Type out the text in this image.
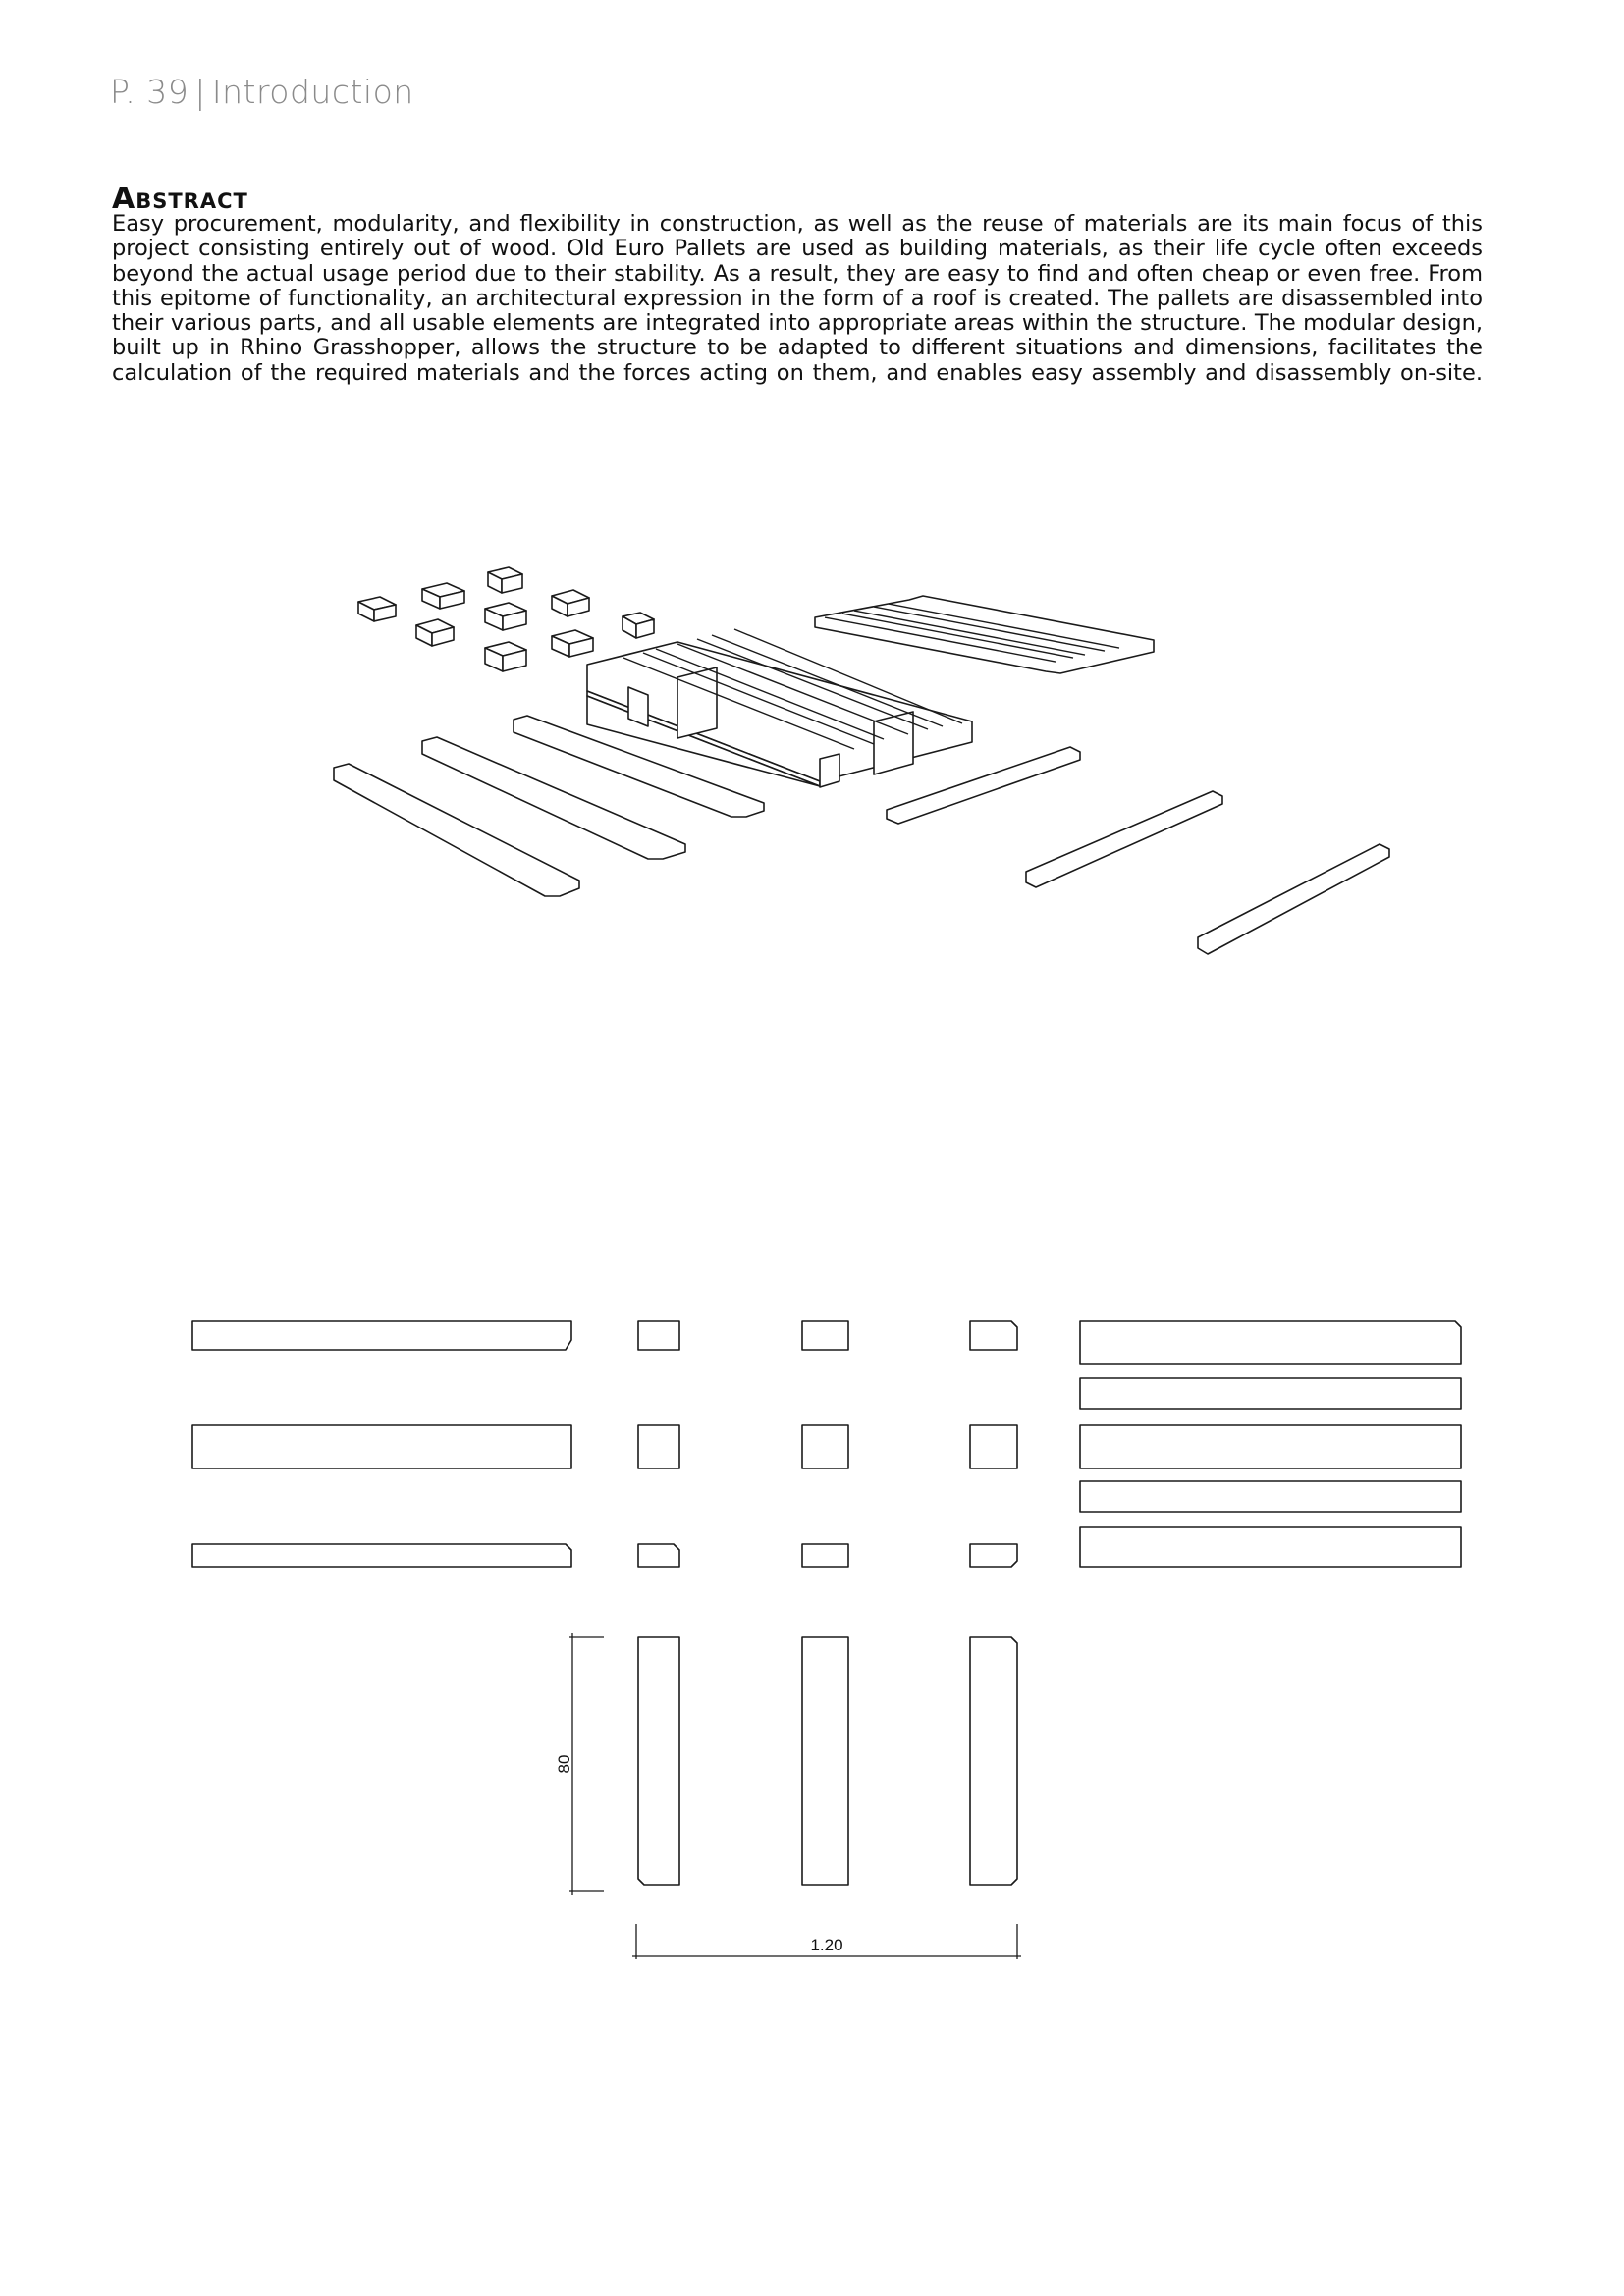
P. 39 | Introduction
Abstract
Easy procurement, modularity, and flexibility in construction, as well as the reuse of materials are its main focus of this project consisting entirely out of wood. Old Euro Pallets are used as building materials, as their life cycle often exceeds beyond the actual usage period due to their stability. As a result, they are easy to find and often cheap or even free. From this epitome of functionality, an architectural expression in the form of a roof is created. The pallets are disassembled into their various parts, and all usable elements are integrated into appropriate areas within the structure. The modular design, built up in Rhino Grasshopper, allows the structure to be adapted to different situations and dimensions, facilitates the calculation of the required materials and the forces acting on them, and enables easy assembly and disassembly on-site.
80
1.20
